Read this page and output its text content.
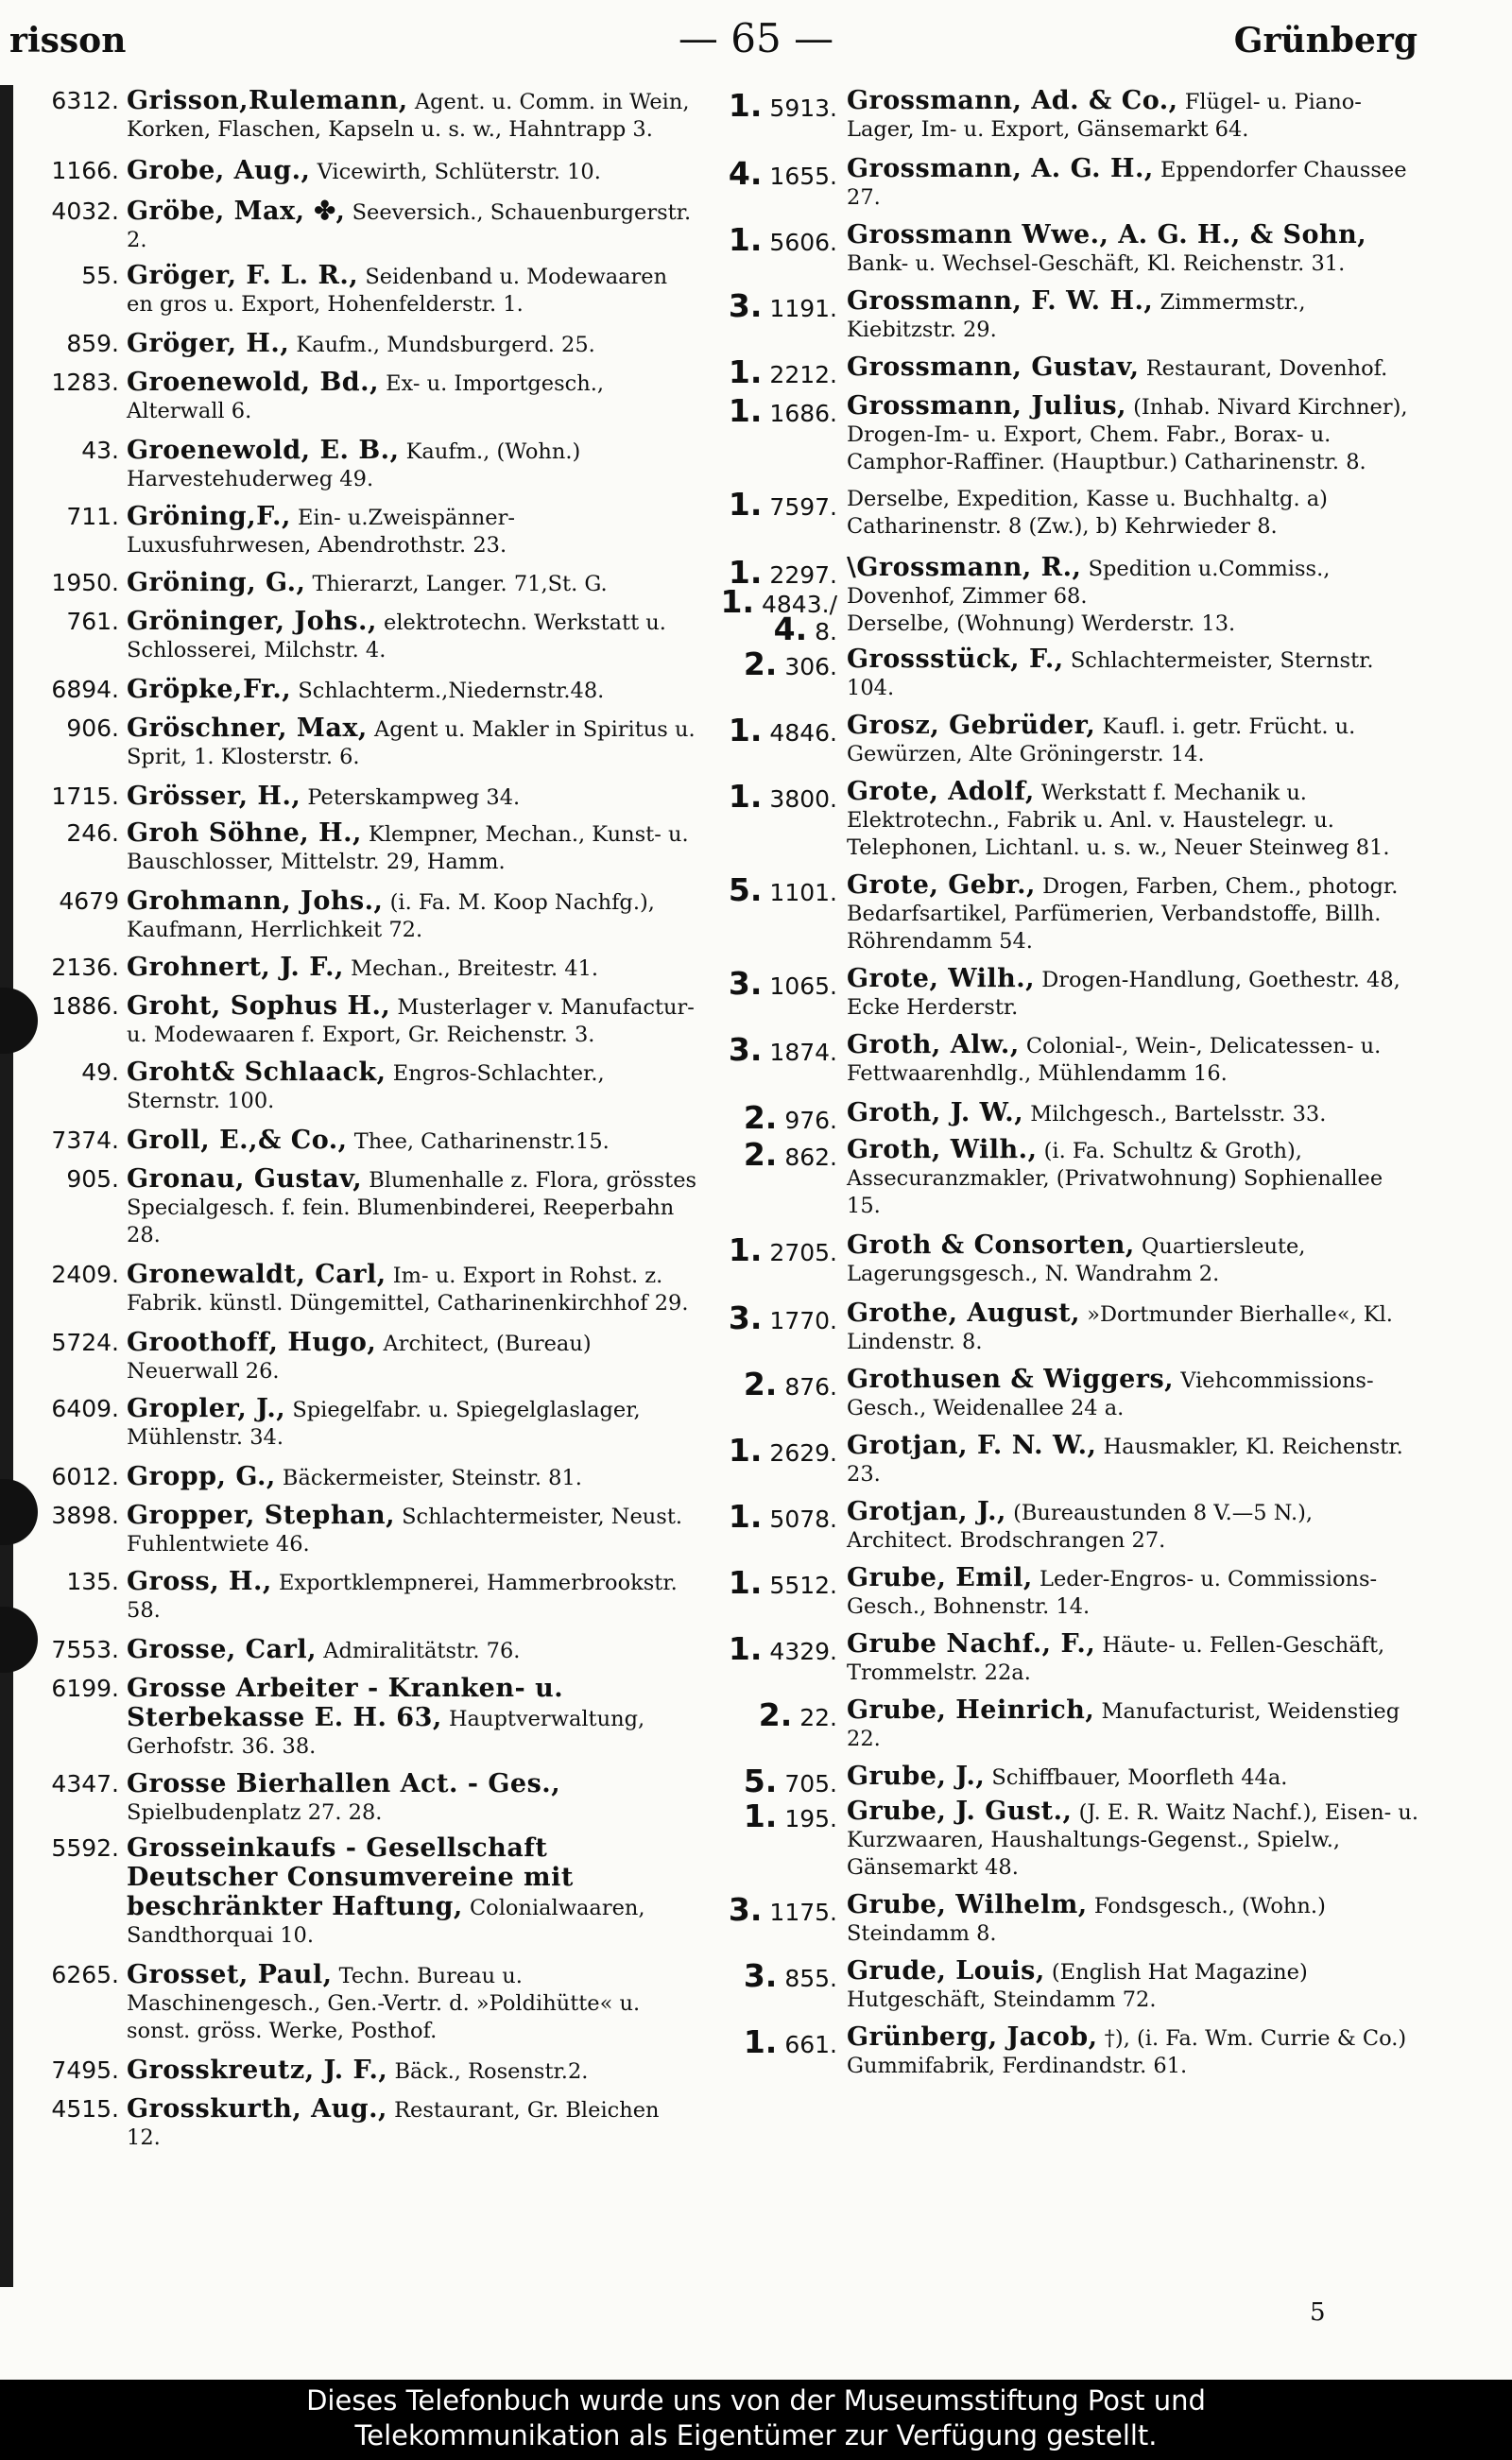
risson	— 65 —	Grünberg
6312. Grisson,Rulemann, Agent. u. Comm. in Wein, Korken, Flaschen, Kapseln u. s. w., Hahntrapp 3.
1166. Grobe, Aug., Vicewirth, Schlüterstr. 10.
4032. Gröbe, Max, ✤, Seeversich., Schauenburgerstr. 2.
55. Gröger, F. L. R., Seidenband u. Modewaaren en gros u. Export, Hohenfelderstr. 1.
859. Gröger, H., Kaufm., Mundsburgerd. 25.
1283. Groenewold, Bd., Ex- u. Importgesch., Alterwall 6.
43. Groenewold, E. B., Kaufm., (Wohn.) Harvestehuderweg 49.
711. Gröning,F., Ein- u.Zweispänner-Luxusfuhrwesen, Abendrothstr. 23.
1950. Gröning, G., Thierarzt, Langer. 71,St. G.
761. Gröninger, Johs., elektrotechn. Werkstatt u. Schlosserei, Milchstr. 4.
6894. Gröpke,Fr., Schlachterm.,Niedernstr.48.
906. Gröschner, Max, Agent u. Makler in Spiritus u. Sprit, 1. Klosterstr. 6.
1715. Grösser, H., Peterskampweg 34.
246. Groh Söhne, H., Klempner, Mechan., Kunst- u. Bauschlosser, Mittelstr. 29, Hamm.
4679 Grohmann, Johs., (i. Fa. M. Koop Nachfg.), Kaufmann, Herrlichkeit 72.
2136. Grohnert, J. F., Mechan., Breitestr. 41.
1886. Groht, Sophus H., Musterlager v. Manufactur- u. Modewaaren f. Export, Gr. Reichenstr. 3.
49. Groht& Schlaack, Engros-Schlachter., Sternstr. 100.
7374. Groll, E.,& Co., Thee, Catharinenstr.15.
905. Gronau, Gustav, Blumenhalle z. Flora, grösstes Specialgesch. f. fein. Blumenbinderei, Reeperbahn 28.
2409. Gronewaldt, Carl, Im- u. Export in Rohst. z. Fabrik. künstl. Düngemittel, Catharinenkirchhof 29.
5724. Groothoff, Hugo, Architect, (Bureau) Neuerwall 26.
6409. Gropler, J., Spiegelfabr. u. Spiegelglaslager, Mühlenstr. 34.
6012. Gropp, G., Bäckermeister, Steinstr. 81.
3898. Gropper, Stephan, Schlachtermeister, Neust. Fuhlentwiete 46.
135. Gross, H., Exportklempnerei, Hammerbrookstr. 58.
7553. Grosse, Carl, Admiralitätstr. 76.
6199. Grosse Arbeiter - Kranken- u. Sterbekasse E. H. 63, Hauptverwaltung, Gerhofstr. 36. 38.
4347. Grosse Bierhallen Act. - Ges., Spielbudenplatz 27. 28.
5592. Grosseinkaufs - Gesellschaft Deutscher Consumvereine mit beschränkter Haftung, Colonialwaaren, Sandthorquai 10.
6265. Grosset, Paul, Techn. Bureau u. Maschinengesch., Gen.-Vertr. d. »Poldihütte« u. sonst. gröss. Werke, Posthof.
7495. Grosskreutz, J. F., Bäck., Rosenstr.2.
4515. Grosskurth, Aug., Restaurant, Gr. Bleichen 12.
1. 5913. Grossmann, Ad. & Co., Flügel- u. Piano-Lager, Im- u. Export, Gänsemarkt 64.
4. 1655. Grossmann, A. G. H., Eppendorfer Chaussee 27.
1. 5606. Grossmann Wwe., A. G. H., & Sohn, Bank- u. Wechsel-Geschäft, Kl. Reichenstr. 31.
3. 1191. Grossmann, F. W. H., Zimmermstr., Kiebitzstr. 29.
1. 2212. Grossmann, Gustav, Restaurant, Dovenhof.
1. 1686. Grossmann, Julius, (Inhab. Nivard Kirchner), Drogen-Im- u. Export, Chem. Fabr., Borax- u. Camphor-Raffiner. (Hauptbur.) Catharinenstr. 8.
1. 7597. Derselbe, Expedition, Kasse u. Buchhaltg. a) Catharinenstr. 8 (Zw.), b) Kehrwieder 8.
1. 2297. \Grossmann, R., Spedition u.Commiss.,
1. 4843./ Dovenhof, Zimmer 68.
4. 8. Derselbe, (Wohnung) Werderstr. 13.
2. 306. Grossstück, F., Schlachtermeister, Sternstr. 104.
1. 4846. Grosz, Gebrüder, Kaufl. i. getr. Frücht. u. Gewürzen, Alte Gröningerstr. 14.
1. 3800. Grote, Adolf, Werkstatt f. Mechanik u. Elektrotechn., Fabrik u. Anl. v. Haustelegr. u. Telephonen, Lichtanl. u. s. w., Neuer Steinweg 81.
5. 1101. Grote, Gebr., Drogen, Farben, Chem., photogr. Bedarfsartikel, Parfümerien, Verbandstoffe, Billh. Röhrendamm 54.
3. 1065. Grote, Wilh., Drogen-Handlung, Goethestr. 48, Ecke Herderstr.
3. 1874. Groth, Alw., Colonial-, Wein-, Delicatessen- u. Fettwaarenhdlg., Mühlendamm 16.
2. 976. Groth, J. W., Milchgesch., Bartelsstr. 33.
2. 862. Groth, Wilh., (i. Fa. Schultz & Groth), Assecuranzmakler, (Privatwohnung) Sophienallee 15.
1. 2705. Groth & Consorten, Quartiersleute, Lagerungsgesch., N. Wandrahm 2.
3. 1770. Grothe, August, »Dortmunder Bierhalle«, Kl. Lindenstr. 8.
2. 876. Grothusen & Wiggers, Viehcommissions-Gesch., Weidenallee 24 a.
1. 2629. Grotjan, F. N. W., Hausmakler, Kl. Reichenstr. 23.
1. 5078. Grotjan, J., (Bureaustunden 8 V.—5 N.), Architect. Brodschrangen 27.
1. 5512. Grube, Emil, Leder-Engros- u. Commissions-Gesch., Bohnenstr. 14.
1. 4329. Grube Nachf., F., Häute- u. Fellen-Geschäft, Trommelstr. 22a.
2. 22. Grube, Heinrich, Manufacturist, Weidenstieg 22.
5. 705. Grube, J., Schiffbauer, Moorfleth 44a.
1. 195. Grube, J. Gust., (J. E. R. Waitz Nachf.), Eisen- u. Kurzwaaren, Haushaltungs-Gegenst., Spielw., Gänsemarkt 48.
3. 1175. Grube, Wilhelm, Fondsgesch., (Wohn.) Steindamm 8.
3. 855. Grude, Louis, (English Hat Magazine) Hutgeschäft, Steindamm 72.
1. 661. Grünberg, Jacob, †), (i. Fa. Wm. Currie & Co.) Gummifabrik, Ferdinandstr. 61.
5
Dieses Telefonbuch wurde uns von der Museumsstiftung Post und
Telekommunikation als Eigentümer zur Verfügung gestellt.
